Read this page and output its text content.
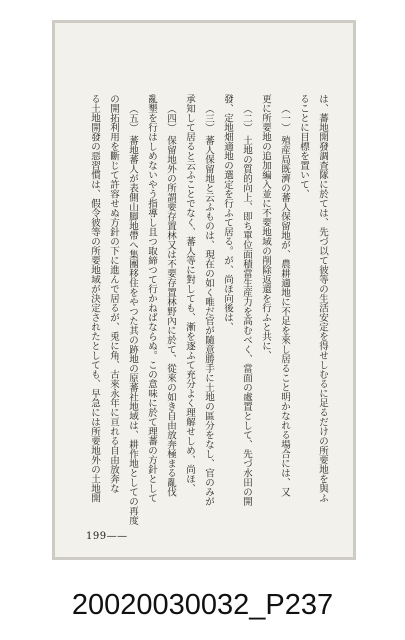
は、蕃地開發調査隊に於ては、先づ以て彼等の生活安定を得せしむるに足るだけの所要地を與ふ
ることに目標を置いて、
（一）殖産局既濟の蕃人保留地が、農耕適地に不足を來し居ること明かなれる場合には、又
更に所要地の追加編入並に不要地域の削除返還を行ふと共に、
（二）土地の質的向上、即ち單位面積當生産力を高むべく、當面の處置として、先づ水田の開
發、定地畑適地の選定を行ふて居る。が、尚ほ向後は、
（三）蕃人保留地と云ふものは、現在の如く唯だ官が隨意勝手に土地の區分をなし、官のみが
承知して居ると云ふことでなく、蕃人等に對しても、漸を逐ふて充分よく理解せしめ、尚ほ、
（四）保留地外の所謂要存置林又は不要存置林野內に於て、從來の如き自由放奔極まる亂伐
亂墾を行はしめないやう指導し且つ取締つて行かねばならぬ。この意味に於て理蕃の方針として
（五）蕃地蕃人が表側山脚地帶へ集團移住をやつた其の跡地の原蕃社地域は、耕作地としての再度
の開拓利用を斷じて許容せぬ方針の下に進んで居るが、兎に角、古來永年に亘れる自由放奔な
る土地開發の惡習慣は、假令彼等の所要地域が決定されたとしても、早急には所要地外の土地開
199——
20020030032_P237
